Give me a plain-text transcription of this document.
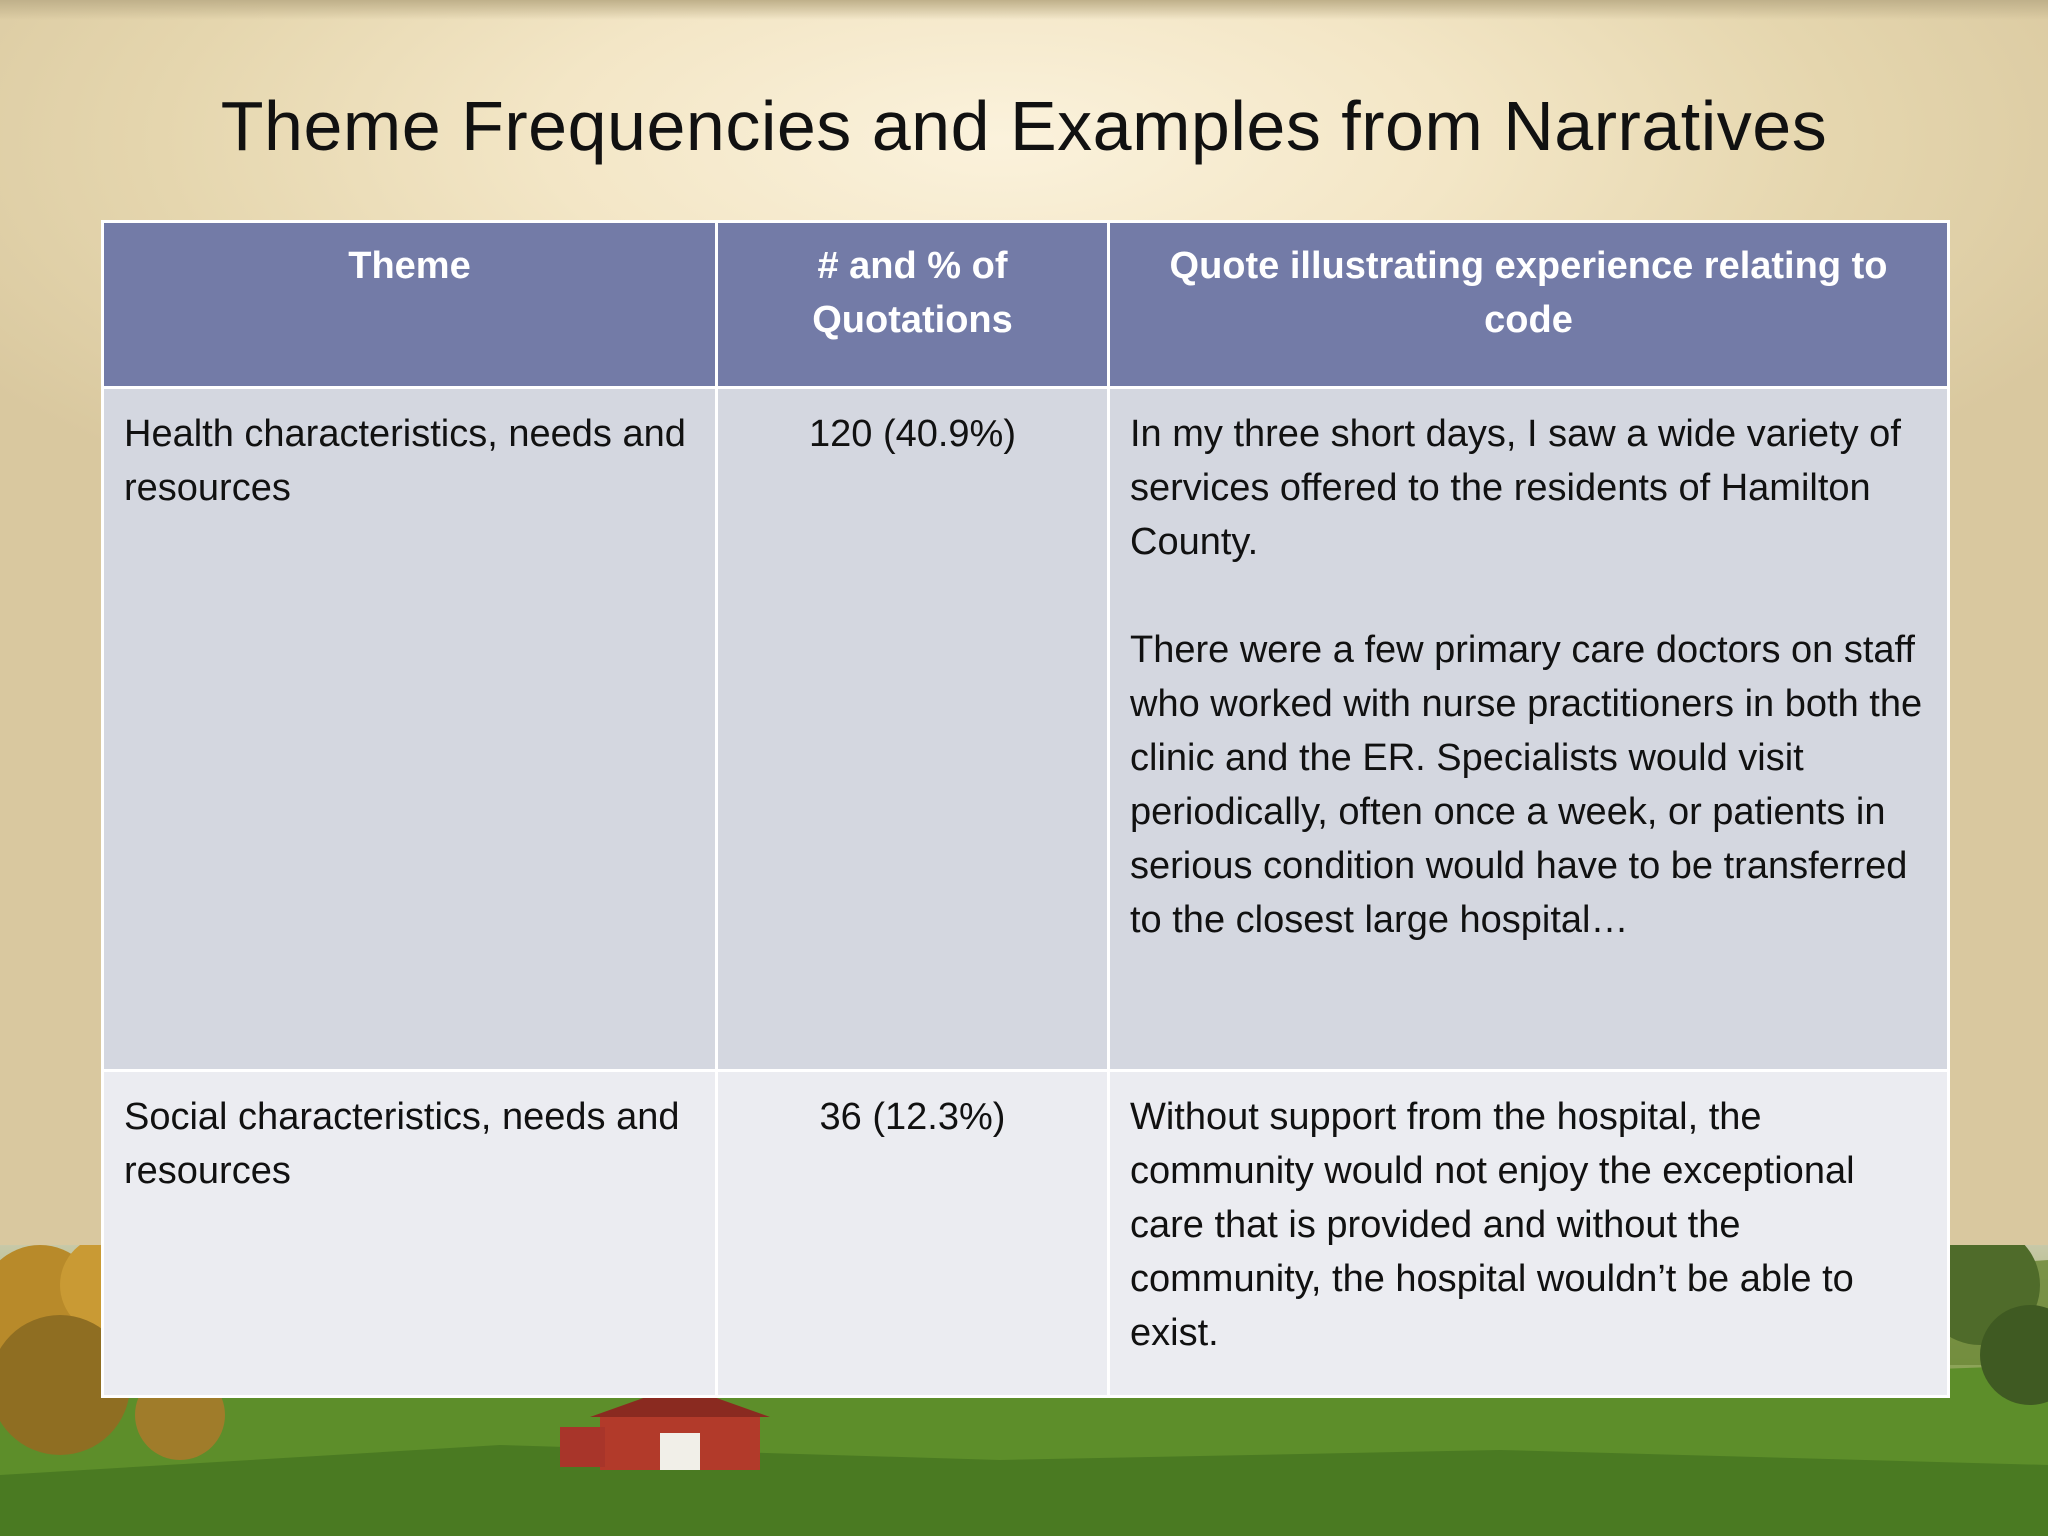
Theme Frequencies and Examples from Narratives
Theme	# and % of Quotations	Quote illustrating experience relating to code
Health characteristics, needs and resources	120 (40.9%)	In my three short days, I saw a wide variety of services offered to the residents of Hamilton County.
There were a few primary care doctors on staff who worked with nurse practitioners in both the clinic and the ER. Specialists would visit periodically, often once a week, or patients in serious condition would have to be transferred to the closest large hospital…

Social characteristics, needs and resources	36 (12.3%)	Without support from the hospital, the community would not enjoy the exceptional care that is provided and without the community, the hospital wouldn’t be able to exist.
